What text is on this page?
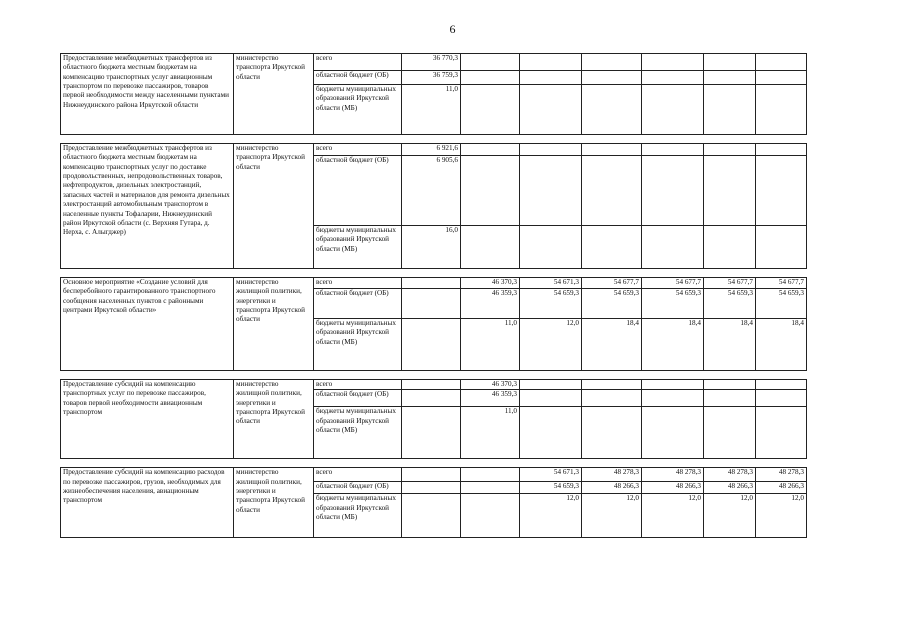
6
Предоставление межбюджетных трансфертов из областного бюджета местным бюджетам на компенсацию транспортных услуг авиационным транспортом по перевозке пассажиров, товаров первой необходимости между населенными пунктами Нижнеудинского района Иркутской области	министерство транспорта Иркутской области	всего	36 770,3						
		областной бюджет (ОБ)	36 759,3						
		бюджеты муниципальных образований Иркутской области (МБ)	11,0						

Предоставление межбюджетных трансфертов из областного бюджета местным бюджетам на компенсацию транспортных услуг по доставке продовольственных, непродовольственных товаров, нефтепродуктов, дизельных электростанций, запасных частей и материалов для ремонта дизельных электростанций автомобильным транспортом в населенные пункты Тофаларии, Нижнеудинский район Иркутской области (с. Верхняя Гутара, д. Нерха, с. Алыгджер)	министерство транспорта Иркутской области	всего	6 921,6						
		областной бюджет (ОБ)	6 905,6						
		бюджеты муниципальных образований Иркутской области (МБ)	16,0						

Основное мероприятие «Создание условий для бесперебойного гарантированного транспортного сообщения населенных пунктов с районными центрами Иркутской области»	министерство жилищной политики, энергетики и транспорта Иркутской области	всего		46 370,3	54 671,3	54 677,7	54 677,7	54 677,7	54 677,7
		областной бюджет (ОБ)		46 359,3	54 659,3	54 659,3	54 659,3	54 659,3	54 659,3
		бюджеты муниципальных образований Иркутской области (МБ)		11,0	12,0	18,4	18,4	18,4	18,4

Предоставление субсидий на компенсацию транспортных услуг по перевозке пассажиров, товаров первой необходимости авиационным транспортом	министерство жилищной политики, энергетики и транспорта Иркутской области	всего		46 370,3					
		областной бюджет (ОБ)		46 359,3					
		бюджеты муниципальных образований Иркутской области (МБ)		11,0					

Предоставление субсидий на компенсацию расходов по перевозке пассажиров, грузов, необходимых для жизнеобеспечения населения, авиационным транспортом	министерство жилищной политики, энергетики и транспорта Иркутской области	всего			54 671,3	48 278,3	48 278,3	48 278,3	48 278,3
		областной бюджет (ОБ)			54 659,3	48 266,3	48 266,3	48 266,3	48 266,3
		бюджеты муниципальных образований Иркутской области (МБ)			12,0	12,0	12,0	12,0	12,0
